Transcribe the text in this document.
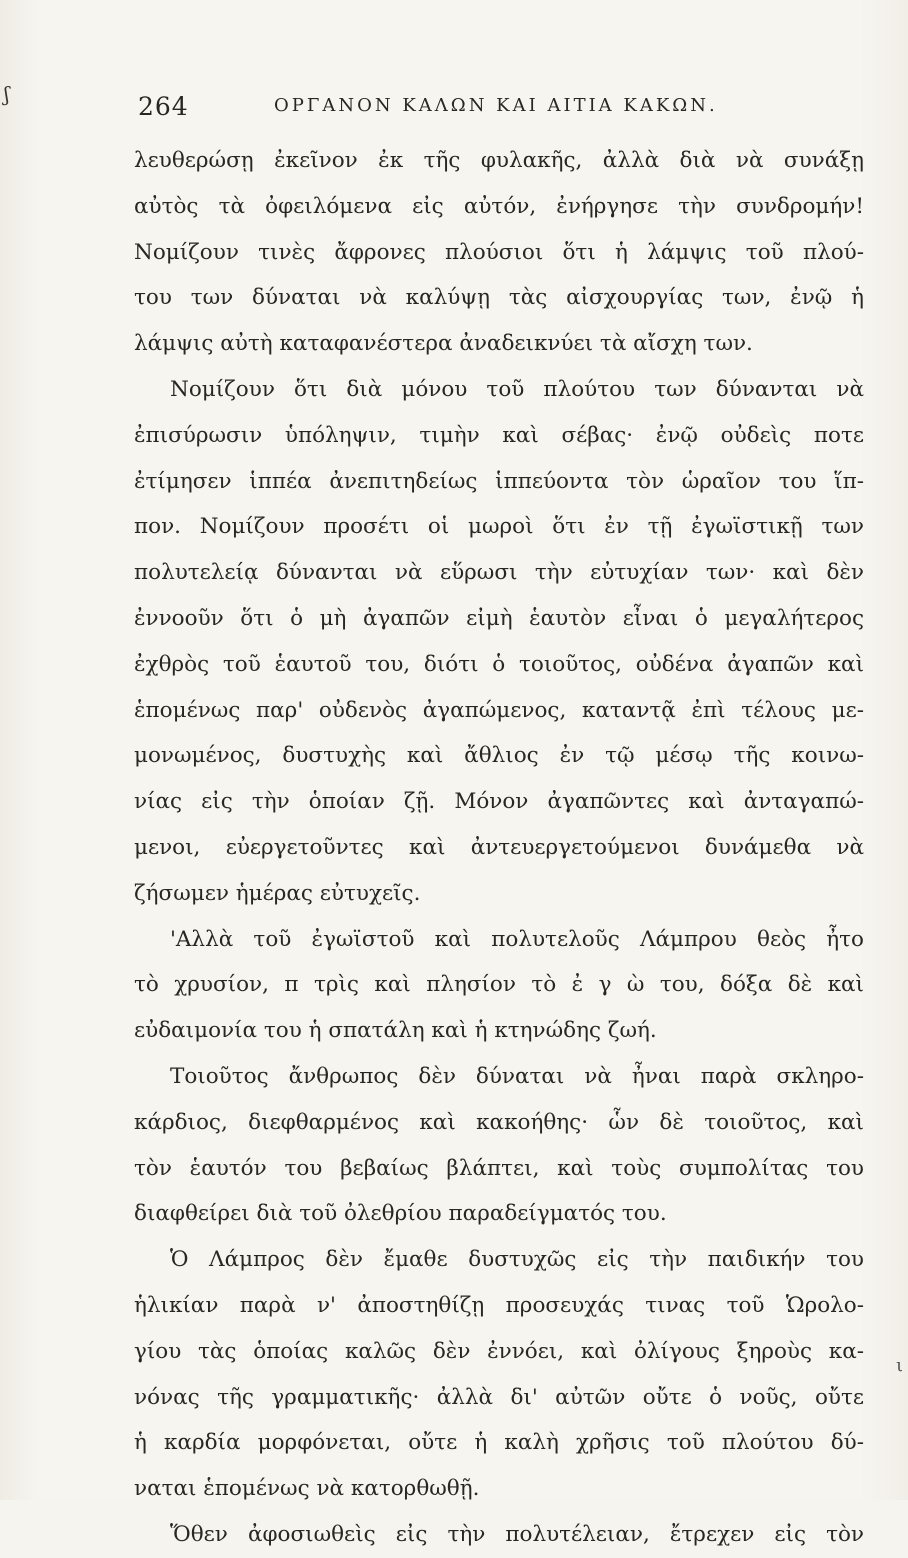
ʃ	264	ΟΡΓΑΝΟΝ ΚΑΛΩΝ ΚΑΙ ΑΙΤΙΑ ΚΑΚΩΝ.
λευθερώσῃ ἐκεῖνον ἐκ τῆς φυλακῆς, ἀλλὰ διὰ νὰ συνάξῃ
αὐτὸς τὰ ὀφειλόμενα εἰς αὐτόν, ἐνήργησε τὴν συνδρομήν!
Νομίζουν τινὲς ἄφρονες πλούσιοι ὅτι ἡ λάμψις τοῦ πλού-
του των δύναται νὰ καλύψῃ τὰς αἰσχουργίας των, ἐνῷ ἡ
λάμψις αὐτὴ καταφανέστερα ἀναδεικνύει τὰ αἴσχη των.
Νομίζουν ὅτι διὰ μόνου τοῦ πλούτου των δύνανται νὰ
ἐπισύρωσιν ὑπόληψιν, τιμὴν καὶ σέβας· ἐνῷ οὐδεὶς ποτε
ἐτίμησεν ἱππέα ἀνεπιτηδείως ἱππεύοντα τὸν ὡραῖον του ἵπ-
πον. Νομίζουν προσέτι οἱ μωροὶ ὅτι ἐν τῇ ἐγωϊστικῇ των
πολυτελείᾳ δύνανται νὰ εὕρωσι τὴν εὐτυχίαν των· καὶ δὲν
ἐννοοῦν ὅτι ὁ μὴ ἀγαπῶν εἰμὴ ἑαυτὸν εἶναι ὁ μεγαλήτερος
ἐχθρὸς τοῦ ἑαυτοῦ του, διότι ὁ τοιοῦτος, οὐδένα ἀγαπῶν καὶ
ἑπομένως παρ' οὐδενὸς ἀγαπώμενος, καταντᾷ ἐπὶ τέλους με-
μονωμένος, δυστυχὴς καὶ ἄθλιος ἐν τῷ μέσῳ τῆς κοινω-
νίας εἰς τὴν ὁποίαν ζῇ. Μόνον ἀγαπῶντες καὶ ἀνταγαπώ-
μενοι, εὐεργετοῦντες καὶ ἀντευεργετούμενοι δυνάμεθα νὰ
ζήσωμεν ἡμέρας εὐτυχεῖς.
'Αλλὰ τοῦ ἐγωϊστοῦ καὶ πολυτελοῦς Λάμπρου θεὸς ἦτο
τὸ χρυσίον, π τρὶς καὶ πλησίον τὸ ἐ γ ὼ του, δόξα δὲ καὶ
εὐδαιμονία του ἡ σπατάλη καὶ ἡ κτηνώδης ζωή.
Τοιοῦτος ἄνθρωπος δὲν δύναται νὰ ἦναι παρὰ σκληρο-
κάρδιος, διεφθαρμένος καὶ κακοήθης· ὧν δὲ τοιοῦτος, καὶ
τὸν ἑαυτόν του βεβαίως βλάπτει, καὶ τοὺς συμπολίτας του
διαφθείρει διὰ τοῦ ὀλεθρίου παραδείγματός του.
Ὁ Λάμπρος δὲν ἔμαθε δυστυχῶς εἰς τὴν παιδικήν του
ἡλικίαν παρὰ ν' ἀποστηθίζῃ προσευχάς τινας τοῦ Ὡρολο-
γίου τὰς ὁποίας καλῶς δὲν ἐννόει, καὶ ὀλίγους ξηροὺς κα-
νόνας τῆς γραμματικῆς· ἀλλὰ δι' αὐτῶν οὔτε ὁ νοῦς, οὔτε
ἡ καρδία μορφόνεται, οὔτε ἡ καλὴ χρῆσις τοῦ πλούτου δύ-
ναται ἑπομένως νὰ κατορθωθῇ.
Ὅθεν ἀφοσιωθεὶς εἰς τὴν πολυτέλειαν, ἔτρεχεν εἰς τὸν
ι
